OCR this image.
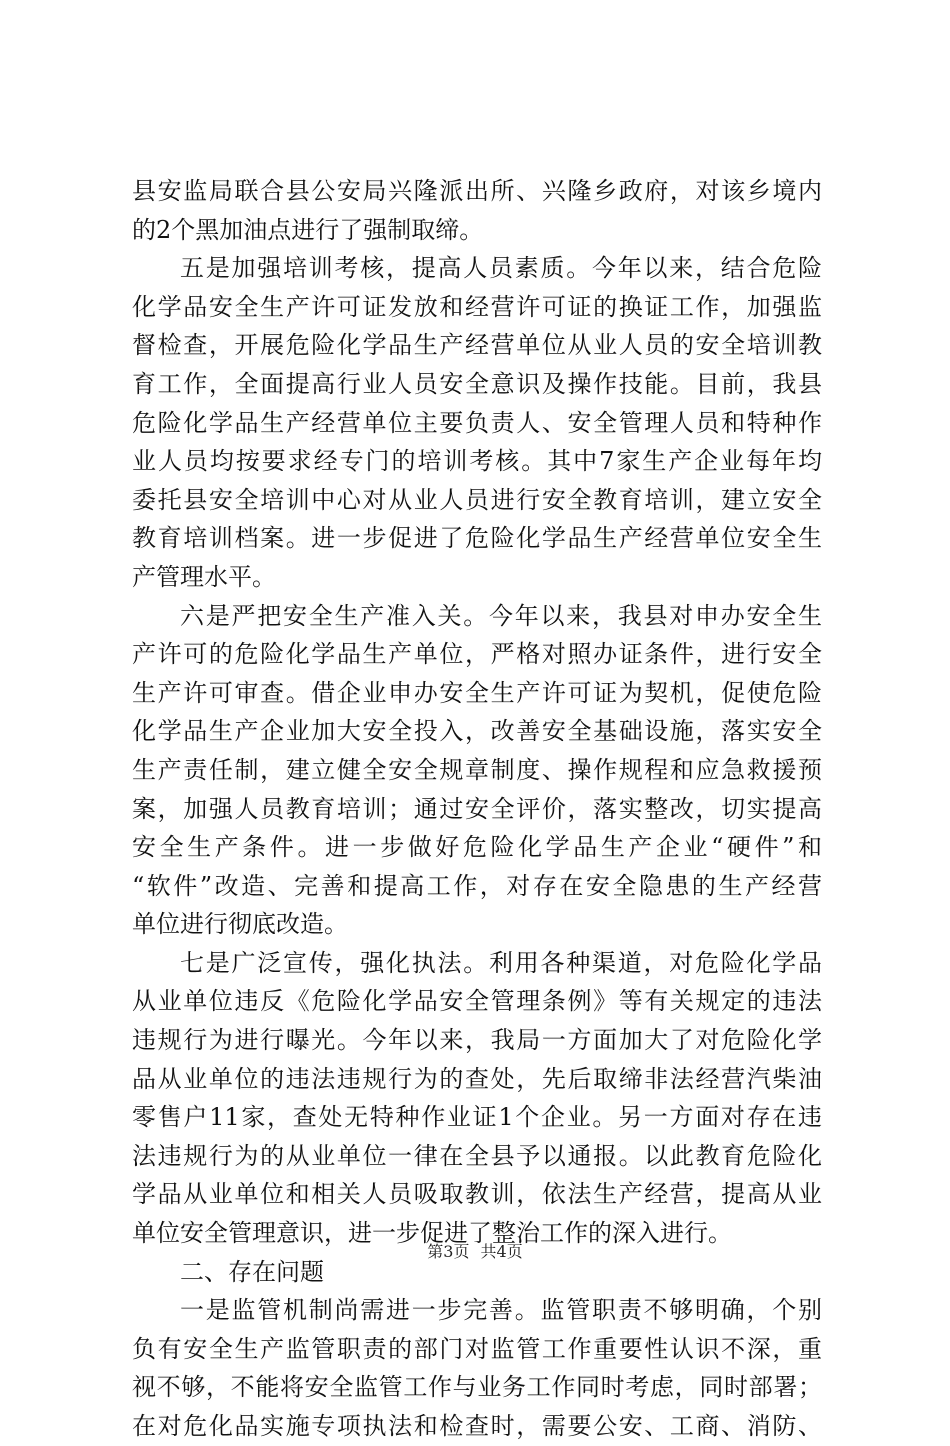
县安监局联合县公安局兴隆派出所、兴隆乡政府，对该乡境内
的2个黑加油点进行了强制取缔。
五是加强培训考核，提高人员素质。今年以来，结合危险
化学品安全生产许可证发放和经营许可证的换证工作，加强监
督检查，开展危险化学品生产经营单位从业人员的安全培训教
育工作，全面提高行业人员安全意识及操作技能。目前，我县
危险化学品生产经营单位主要负责人、安全管理人员和特种作
业人员均按要求经专门的培训考核。其中7家生产企业每年均
委托县安全培训中心对从业人员进行安全教育培训，建立安全
教育培训档案。进一步促进了危险化学品生产经营单位安全生
产管理水平。
六是严把安全生产准入关。今年以来，我县对申办安全生
产许可的危险化学品生产单位，严格对照办证条件，进行安全
生产许可审查。借企业申办安全生产许可证为契机，促使危险
化学品生产企业加大安全投入，改善安全基础设施，落实安全
生产责任制，建立健全安全规章制度、操作规程和应急救援预
案，加强人员教育培训；通过安全评价，落实整改，切实提高
安全生产条件。进一步做好危险化学品生产企业“硬件”和
“软件”改造、完善和提高工作，对存在安全隐患的生产经营
单位进行彻底改造。
七是广泛宣传，强化执法。利用各种渠道，对危险化学品
从业单位违反《危险化学品安全管理条例》等有关规定的违法
违规行为进行曝光。今年以来，我局一方面加大了对危险化学
品从业单位的违法违规行为的查处，先后取缔非法经营汽柴油
零售户11家，查处无特种作业证1个企业。另一方面对存在违
法违规行为的从业单位一律在全县予以通报。以此教育危险化
学品从业单位和相关人员吸取教训，依法生产经营，提高从业
单位安全管理意识，进一步促进了整治工作的深入进行。
二、存在问题
一是监管机制尚需进一步完善。监管职责不够明确，个别
负有安全生产监管职责的部门对监管工作重要性认识不深，重
视不够，不能将安全监管工作与业务工作同时考虑，同时部署；
在对危化品实施专项执法和检查时，需要公安、工商、消防、
第3页 共4页
